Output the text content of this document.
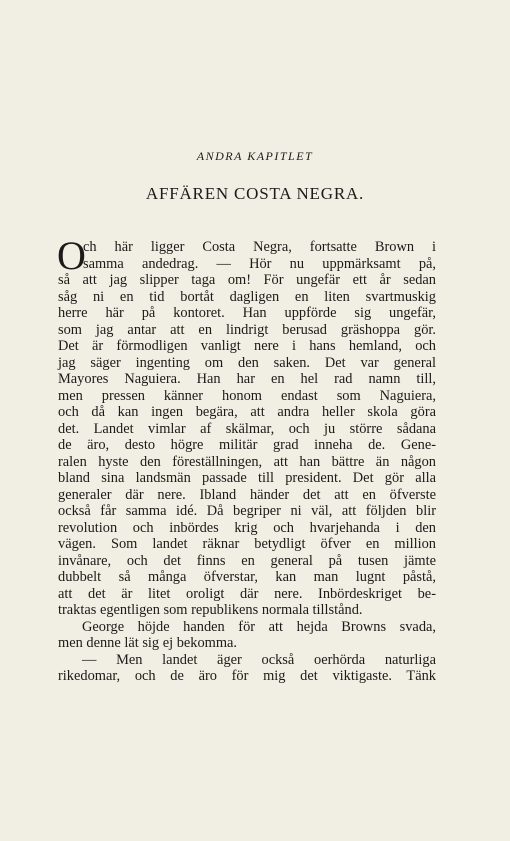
ANDRA KAPITLET
AFFÄREN COSTA NEGRA.
O
ch här ligger Costa Negra, fortsatte Brown i
samma andedrag. — Hör nu uppmärksamt på,
så att jag slipper taga om! För ungefär ett år sedan
såg ni en tid bortåt dagligen en liten svartmuskig
herre här på kontoret. Han uppförde sig ungefär,
som jag antar att en lindrigt berusad gräshoppa gör.
Det är förmodligen vanligt nere i hans hemland, och
jag säger ingenting om den saken. Det var general
Mayores Naguiera. Han har en hel rad namn till,
men pressen känner honom endast som Naguiera,
och då kan ingen begära, att andra heller skola göra
det. Landet vimlar af skälmar, och ju större sådana
de äro, desto högre militär grad inneha de. Gene-
ralen hyste den föreställningen, att han bättre än någon
bland sina landsmän passade till president. Det gör alla
generaler där nere. Ibland händer det att en öfverste
också får samma idé. Då begriper ni väl, att följden blir
revolution och inbördes krig och hvarjehanda i den
vägen. Som landet räknar betydligt öfver en million
invånare, och det finns en general på tusen jämte
dubbelt så många öfverstar, kan man lugnt påstå,
att det är litet oroligt där nere. Inbördeskriget be-
traktas egentligen som republikens normala tillstånd.
George höjde handen för att hejda Browns svada,
men denne lät sig ej bekomma.
— Men landet äger också oerhörda naturliga
rikedomar, och de äro för mig det viktigaste. Tänk
